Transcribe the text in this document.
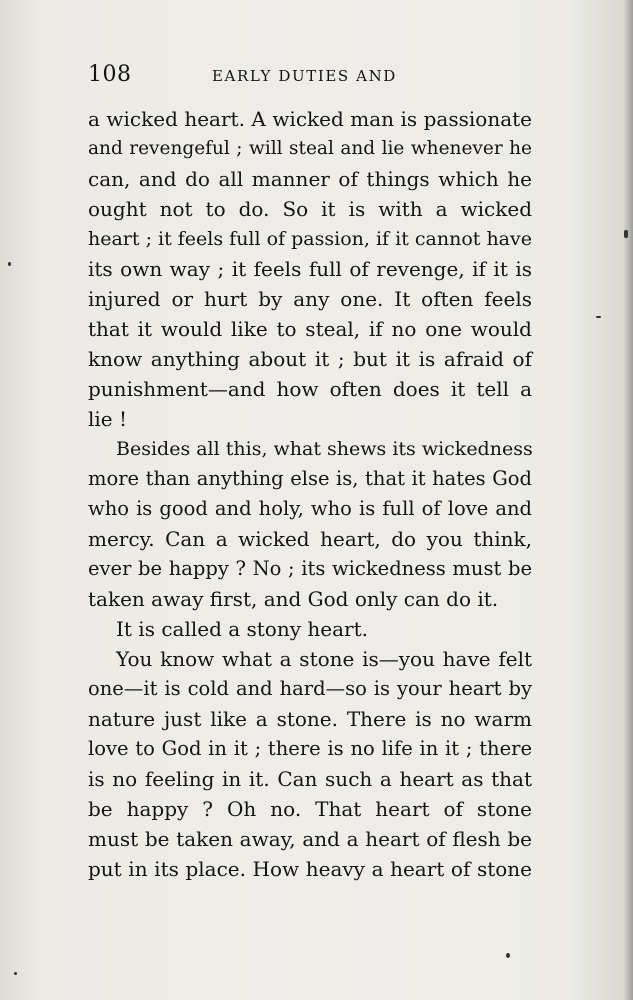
108	EARLY DUTIES AND
a wicked heart. A wicked man is passionate
and revengeful ; will steal and lie whenever he
can, and do all manner of things which he
ought not to do. So it is with a wicked
heart ; it feels full of passion, if it cannot have
its own way ; it feels full of revenge, if it is
injured or hurt by any one. It often feels
that it would like to steal, if no one would
know anything about it ; but it is afraid of
punishment—and how often does it tell a
lie !
Besides all this, what shews its wickedness
more than anything else is, that it hates God
who is good and holy, who is full of love and
mercy. Can a wicked heart, do you think,
ever be happy ? No ; its wickedness must be
taken away first, and God only can do it.
It is called a stony heart.
You know what a stone is—you have felt
one—it is cold and hard—so is your heart by
nature just like a stone. There is no warm
love to God in it ; there is no life in it ; there
is no feeling in it. Can such a heart as that
be happy ? Oh no. That heart of stone
must be taken away, and a heart of flesh be
put in its place. How heavy a heart of stone
